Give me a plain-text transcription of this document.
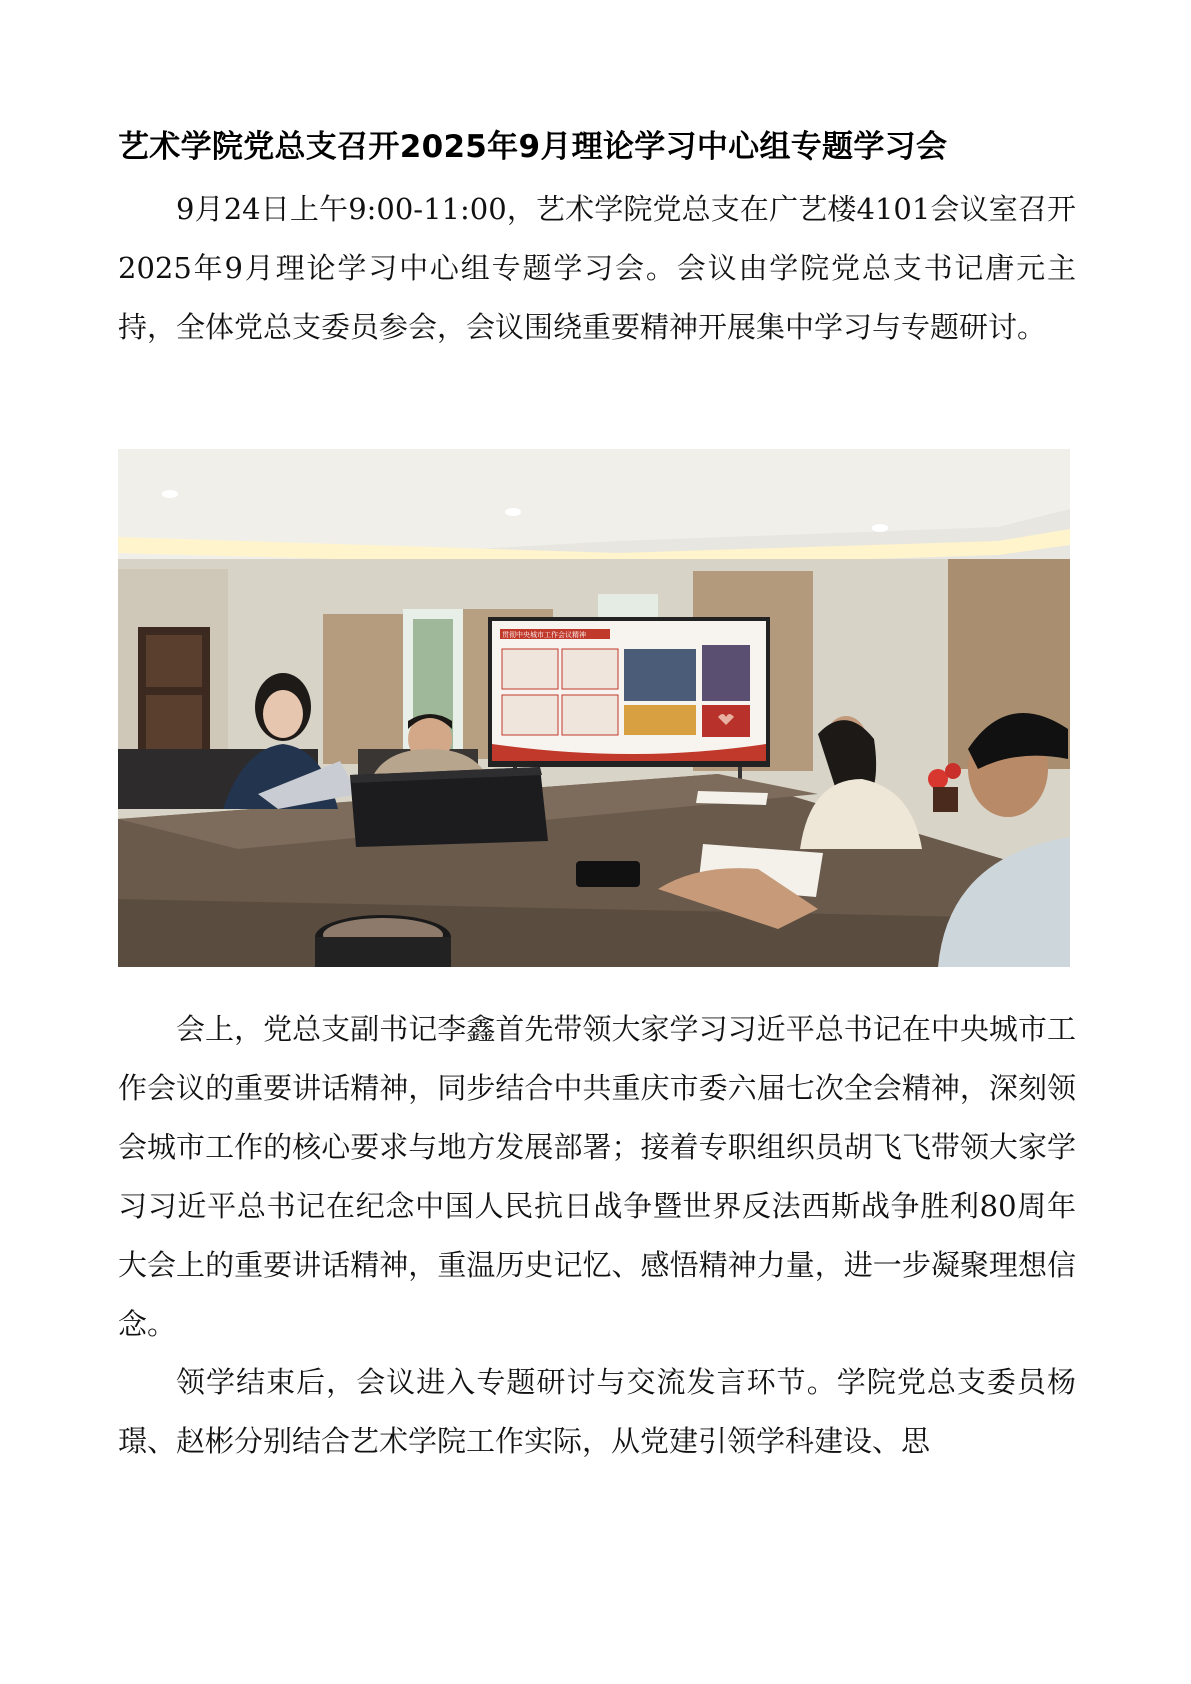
艺术学院党总支召开2025年9月理论学习中心组专题学习会

9月24日上午9:00-11:00，艺术学院党总支在广艺楼4101会议室召开2025年9月理论学习中心组专题学习会。会议由学院党总支书记唐元主持，全体党总支委员参会，会议围绕重要精神开展集中学习与专题研讨。

贯彻中央城市工作会议精神

会上，党总支副书记李鑫首先带领大家学习习近平总书记在中央城市工作会议的重要讲话精神，同步结合中共重庆市委六届七次全会精神，深刻领会城市工作的核心要求与地方发展部署；接着专职组织员胡飞飞带领大家学习习近平总书记在纪念中国人民抗日战争暨世界反法西斯战争胜利80周年大会上的重要讲话精神，重温历史记忆、感悟精神力量，进一步凝聚理想信念。

领学结束后，会议进入专题研讨与交流发言环节。学院党总支委员杨璟、赵彬分别结合艺术学院工作实际，从党建引领学科建设、思
